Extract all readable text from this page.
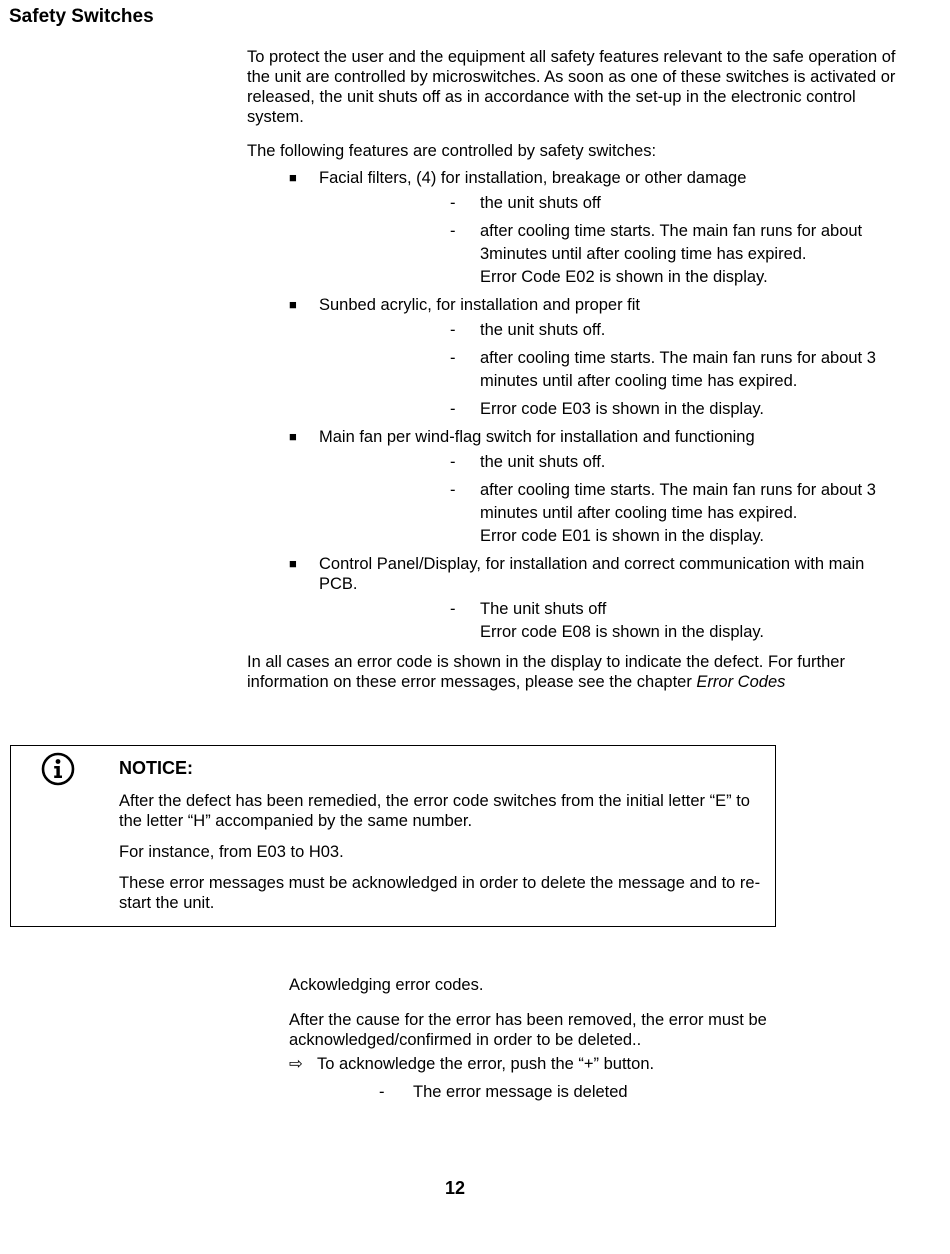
Safety Switches

To protect the user and the equipment all safety features relevant to the safe operation of the unit are controlled by microswitches. As soon as one of these switches is activated or released, the unit shuts off as in accordance with the set-up in the electronic control system.

The following features are controlled by safety switches:

■	Facial filters, (4) for installation, breakage or other damage
- the unit shuts off
- after cooling time starts. The main fan runs for about 3minutes until after cooling time has expired.
Error Code E02 is shown in the display.
■	Sunbed acrylic, for installation and proper fit
- the unit shuts off.
- after cooling time starts. The main fan runs for about 3 minutes until after cooling time has expired.
- Error code E03 is shown in the display.
■	Main fan per wind-flag switch for installation and functioning
- the unit shuts off.
- after cooling time starts. The main fan runs for about 3 minutes until after cooling time has expired.
Error code E01 is shown in the display.
■	Control Panel/Display, for installation and correct communication with main PCB.
- The unit shuts off
Error code E08 is shown in the display.

In all cases an error code is shown in the display to indicate the defect. For further information on these error messages, please see the chapter Error Codes

NOTICE:

After the defect has been remedied, the error code switches from the initial letter “E” to the letter “H” accompanied by the same number.

For instance, from E03 to H03.

These error messages must be acknowledged in order to delete the message and to re-start the unit.

Ackowledging error codes.

After the cause for the error has been removed, the error must be acknowledged/confirmed in order to be deleted..

⇨ To acknowledge the error, push the “+” button.
- The error message is deleted
12
